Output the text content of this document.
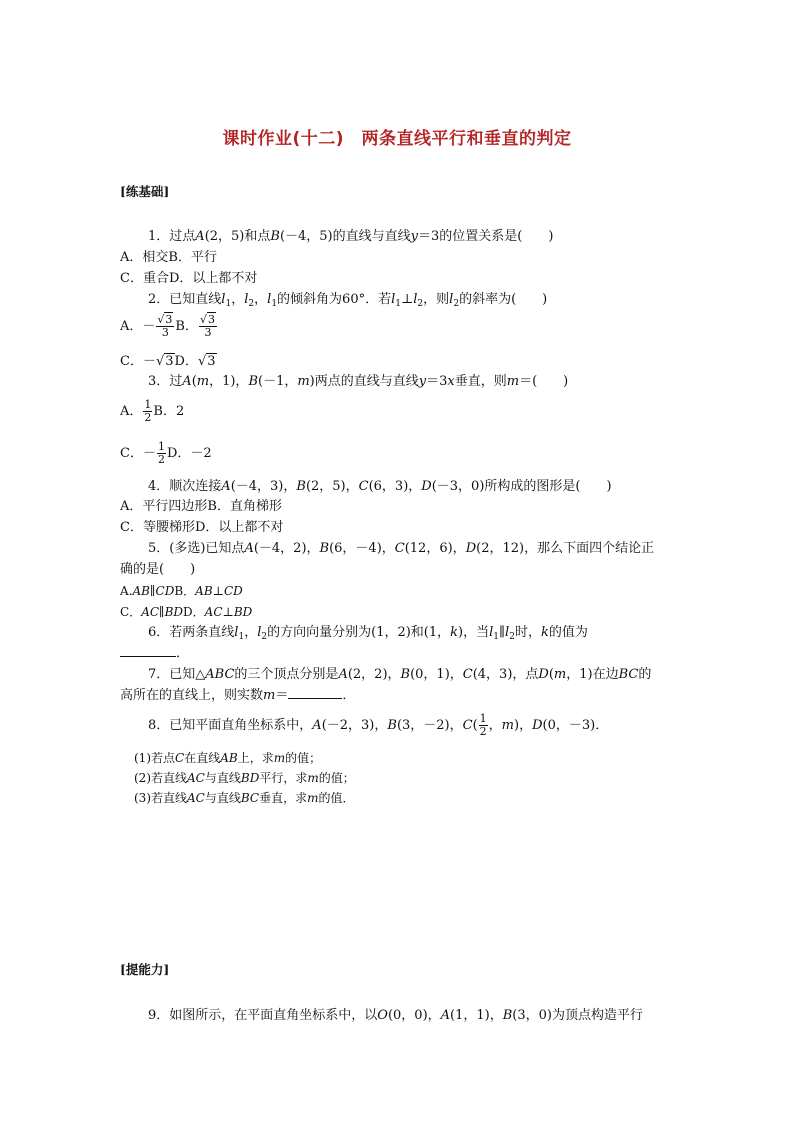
课时作业(十二)　两条直线平行和垂直的判定
[练基础]
1．过点A(2，5)和点B(－4，5)的直线与直线y＝3的位置关系是(　　)
A．相交B．平行
C．重合D．以上都不对
2．已知直线$l_1$，$l_2$，$l_1$的倾斜角为60°．若$l_1\perp l_2$，则$l_2$的斜率为(　　)
A．－ $\frac{√3}{3}$ B． $\frac{√3}{3}$
C．－√3D．√3
3．过A(m，1)，B(－1，m)两点的直线与直线y＝3x垂直，则m＝(　　)
A． $\frac{1}{2}$ B．2
C．－ $\frac{1}{2}$ D．－2
4．顺次连接A(－4，3)，B(2，5)，C(6，3)，D(－3，0)所构成的图形是(　　)
A．平行四边形B．直角梯形
C．等腰梯形D．以上都不对
5．(多选)已知点A(－4，2)，B(6，－4)，C(12，6)，D(2，12)，那么下面四个结论正
确的是(　　)
A.AB∥CDB．AB⊥CD
C．AC∥BDD．AC⊥BD
6．若两条直线$l_1$，$l_2$的方向向量分别为(1，2)和(1，k)，当$l_1\parallel l_2$时，k的值为
．
7．已知△ABC的三个顶点分别是A(2，2)，B(0，1)，C(4，3)，点D(m，1)在边BC的
高所在的直线上，则实数m＝	．
8．已知平面直角坐标系中，A(－2，3)，B(3，－2)，$C( \frac{1}{2}$ ，m)，D(0，－3)．
(1)若点C在直线AB上，求m的值；
(2)若直线AC与直线BD平行，求m的值；
(3)若直线AC与直线BC垂直，求m的值．
[提能力]
9．如图所示，在平面直角坐标系中，以O(0，0)，A(1，1)，B(3，0)为顶点构造平行
